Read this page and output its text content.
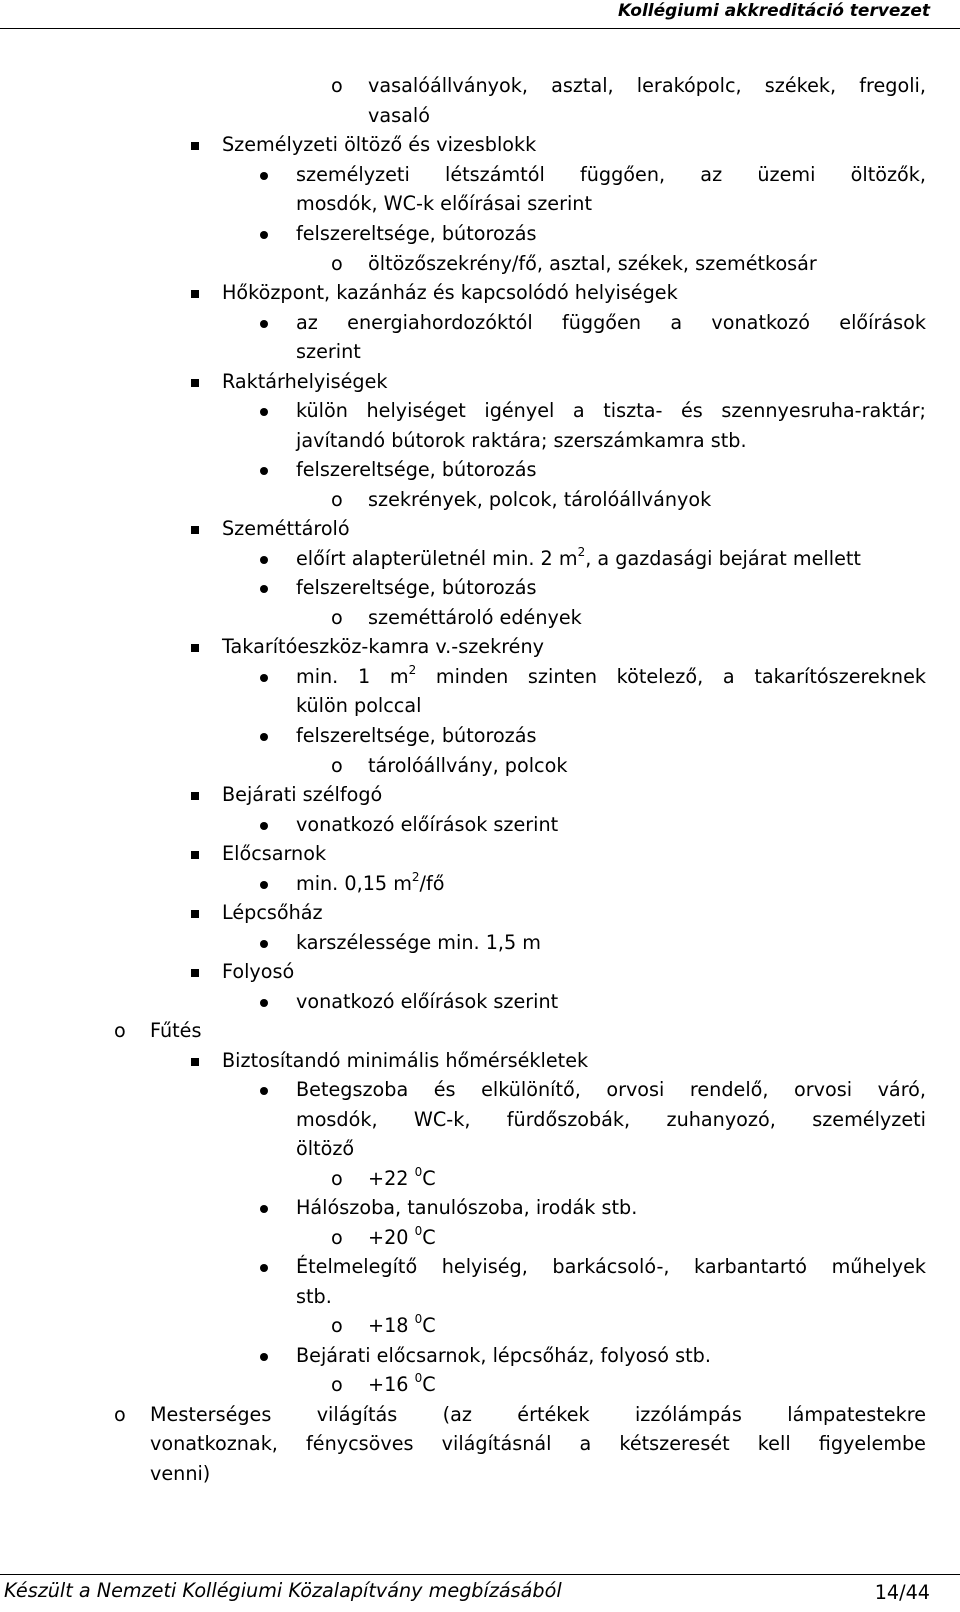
Kollégiumi akkreditáció tervezet
o vasalóállványok, asztal, lerakópolc, székek, fregoli,
vasaló
Személyzeti öltöző és vizesblokk
személyzeti létszámtól függően, az üzemi öltözők,
mosdók, WC-k előírásai szerint
felszereltsége, bútorozás
o öltözőszekrény/fő, asztal, székek, szemétkosár
Hőközpont, kazánház és kapcsolódó helyiségek
az energiahordozóktól függően a vonatkozó előírások
szerint
Raktárhelyiségek
külön helyiséget igényel a tiszta- és szennyesruha-raktár;
javítandó bútorok raktára; szerszámkamra stb.
felszereltsége, bútorozás
o szekrények, polcok, tárolóállványok
Szeméttároló
előírt alapterületnél min. 2 $m^2$, a gazdasági bejárat mellett
felszereltsége, bútorozás
o szeméttároló edények
Takarítóeszköz-kamra v.-szekrény
min. 1 $m^2$ minden szinten kötelező, a takarítószereknek
külön polccal
felszereltsége, bútorozás
o tárolóállvány, polcok
Bejárati szélfogó
vonatkozó előírások szerint
Előcsarnok
min. 0,15 $m^2/fő$
Lépcsőház
karszélessége min. 1,5 m
Folyosó
vonatkozó előírások szerint
o Fűtés
Biztosítandó minimális hőmérsékletek
Betegszoba és elkülönítő, orvosi rendelő, orvosi váró,
mosdók, WC-k, fürdőszobák, zuhanyozó, személyzeti
öltöző
o +22 $^0$C
Hálószoba, tanulószoba, irodák stb.
o +20 $^0$C
Ételmelegítő helyiség, barkácsoló-, karbantartó műhelyek
stb.
o +18 $^0$C
Bejárati előcsarnok, lépcsőház, folyosó stb.
o +16 $^0$C
o Mesterséges világítás (az értékek izzólámpás lámpatestekre
vonatkoznak, fénycsöves világításnál a kétszeresét kell figyelembe
venni)
Készült a Nemzeti Kollégiumi Közalapítvány megbízásából	14/44
